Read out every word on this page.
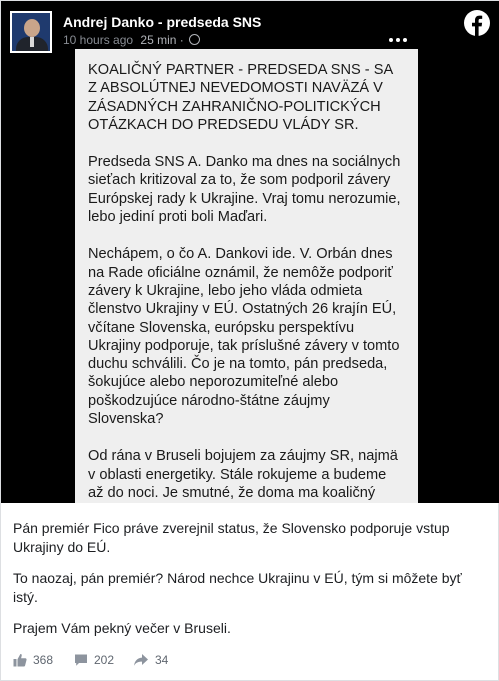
Andrej Danko - predseda SNS
10 hours ago 25 min ·

KOALIČNÝ PARTNER - PREDSEDA SNS - SA Z ABSOLÚTNEJ NEVEDOMOSTI NAVÄZÁ V ZÁSADNÝCH ZAHRANIČNO-POLITICKÝCH OTÁZKACH DO PREDSEDU VLÁDY SR.

Predseda SNS A. Danko ma dnes na sociálnych sieťach kritizoval za to, že som podporil závery Európskej rady k Ukrajine. Vraj tomu nerozumie, lebo jediní proti boli Maďari.

Nechápem, o čo A. Dankovi ide. V. Orbán dnes na Rade oficiálne oznámil, že nemôže podporiť závery k Ukrajine, lebo jeho vláda odmieta členstvo Ukrajiny v EÚ. Ostatných 26 krajín EÚ, včítane Slovenska, európsku perspektívu Ukrajiny podporuje, tak príslušné závery v tomto duchu schválili. Čo je na tomto, pán predseda, šokujúce alebo neporozumiteľné alebo poškodzujúce národno-štátne záujmy Slovenska?

Od rána v Bruseli bojujem za záujmy SR, najmä v oblasti energetiky. Stále rokujeme a budeme až do noci. Je smutné, že doma ma koaličný

Pán premiér Fico práve zverejnil status, že Slovensko podporuje vstup Ukrajiny do EÚ.

To naozaj, pán premiér? Národ nechce Ukrajinu v EÚ, tým si môžete byť istý.

Prajem Vám pekný večer v Bruseli.

368	202	34
